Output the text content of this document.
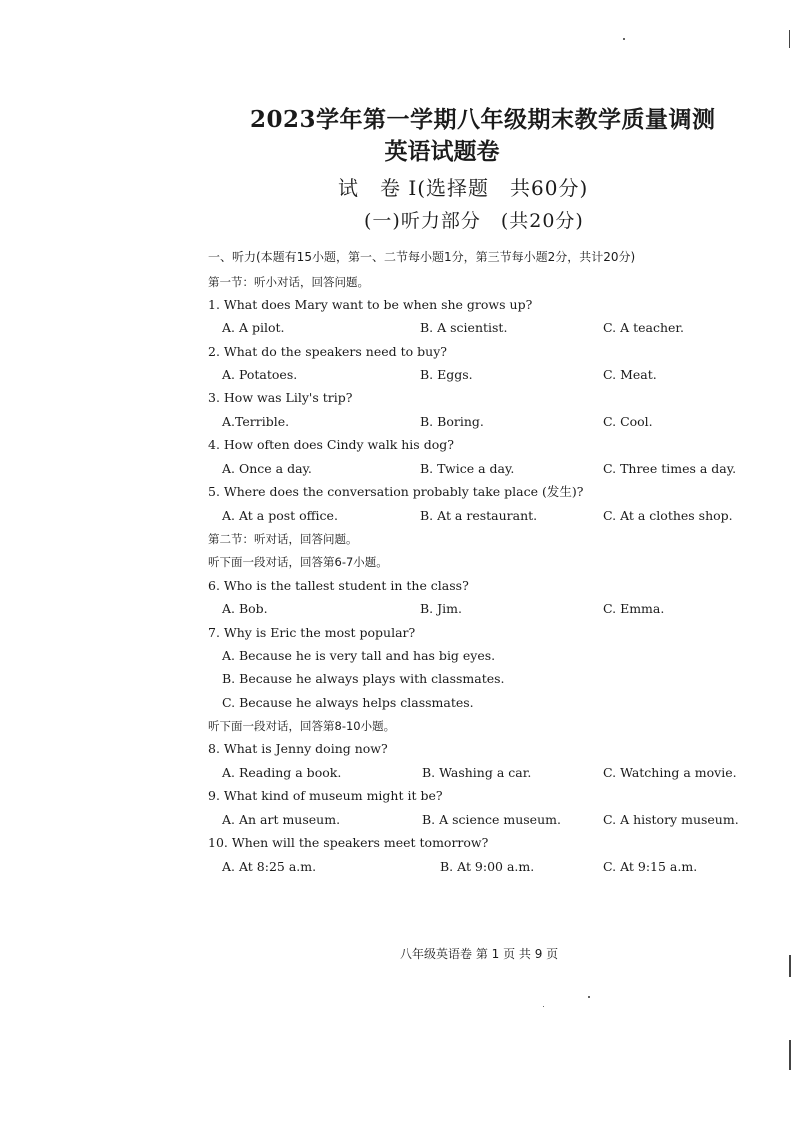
2023学年第一学期八年级期末教学质量调测
英语试题卷
试　卷 Ⅰ(选择题　共60分)
(一)听力部分　(共20分)
一、听力(本题有15小题，第一、二节每小题1分，第三节每小题2分，共计20分)
第一节：听小对话，回答问题。
1. What does Mary want to be when she grows up?
A. A pilot.	B. A scientist.	C. A teacher.
2. What do the speakers need to buy?
A. Potatoes.	B. Eggs.	C. Meat.
3. How was Lily's trip?
A.Terrible.	B. Boring.	C. Cool.
4. How often does Cindy walk his dog?
A. Once a day.	B. Twice a day.	C. Three times a day.
5. Where does the conversation probably take place (发生)?
A. At a post office.	B. At a restaurant.	C. At a clothes shop.
第二节：听对话，回答问题。
听下面一段对话，回答第6-7小题。
6. Who is the tallest student in the class?
A. Bob.	B. Jim.	C. Emma.
7. Why is Eric the most popular?
A. Because he is very tall and has big eyes.
B. Because he always plays with classmates.
C. Because he always helps classmates.
听下面一段对话，回答第8-10小题。
8. What is Jenny doing now?
A. Reading a book.	B. Washing a car.	C. Watching a movie.
9. What kind of museum might it be?
A. An art museum.	B. A science museum.	C. A history museum.
10. When will the speakers meet tomorrow?
A. At 8:25 a.m.	B. At 9:00 a.m.	C. At 9:15 a.m.
八年级英语卷 第 1 页 共 9 页
